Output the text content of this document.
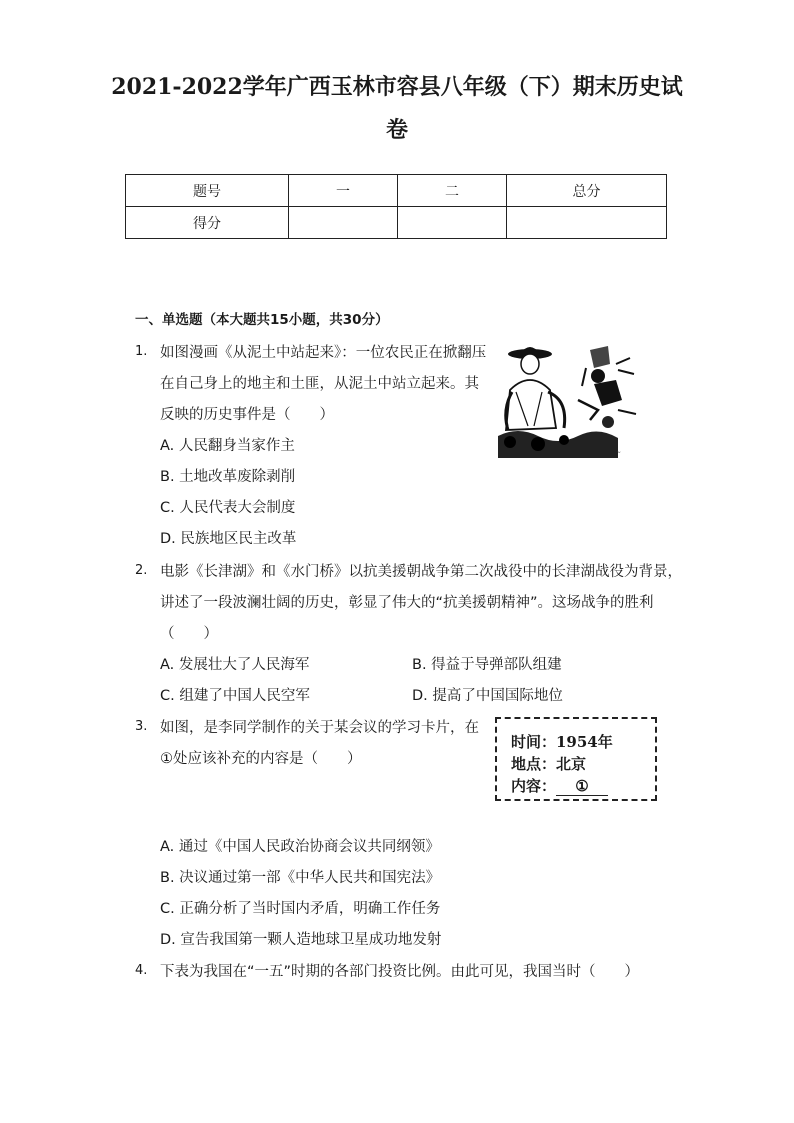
2021-2022学年广西玉林市容县八年级（下）期末历史试
卷
题号	一	二	总分
得分			
一、单选题（本大题共15小题，共30分）
1. 如图漫画《从泥土中站起来》：一位农民正在掀翻压
在自己身上的地主和土匪，从泥土中站立起来。其
反映的历史事件是（　　）
A. 人民翻身当家作主
B. 土地改革废除剥削
C. 人民代表大会制度
D. 民族地区民主改革
~
2. 电影《长津湖》和《水门桥》以抗美援朝战争第二次战役中的长津湖战役为背景，
讲述了一段波澜壮阔的历史，彰显了伟大的“抗美援朝精神”。这场战争的胜利
（　　）
A. 发展壮大了人民海军	B. 得益于导弹部队组建
C. 组建了中国人民空军	D. 提高了中国国际地位
3. 如图，是李同学制作的关于某会议的学习卡片，在
①处应该补充的内容是（　　）
时间：1954年
地点：北京
内容： ①
A. 通过《中国人民政治协商会议共同纲领》
B. 决议通过第一部《中华人民共和国宪法》
C. 正确分析了当时国内矛盾，明确工作任务
D. 宣告我国第一颗人造地球卫星成功地发射
4. 下表为我国在“一五”时期的各部门投资比例。由此可见，我国当时（　　）
